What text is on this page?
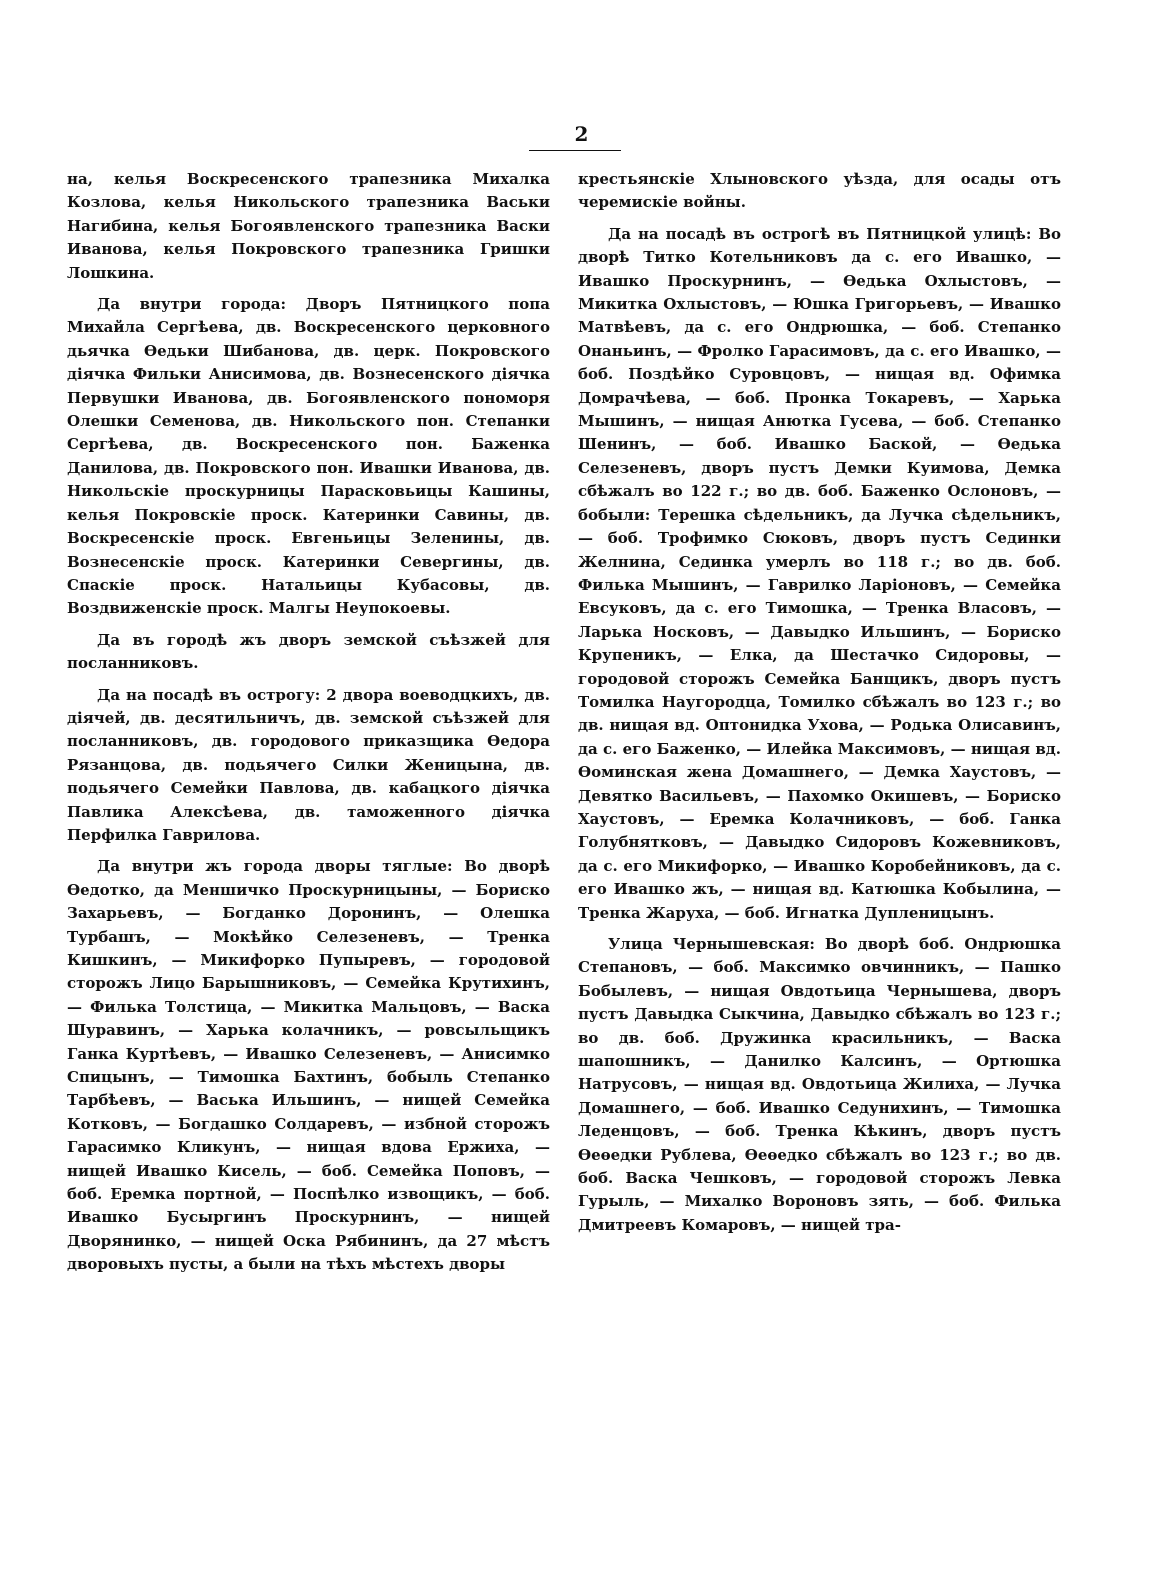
2

на, келья Воскресенского трапезника Михалка Козлова, келья Никольского трапезника Васьки Нагибина, келья Богоявленского трапезника Васки Иванова, келья Покровского трапезника Гришки Лошкина.

Да внутри города: Дворъ Пятницкого попа Михайла Сергѣева, дв. Воскресенского церковного дьячка Өедьки Шибанова, дв. церк. Покровского дiячка Фильки Анисимова, дв. Вознесенского дiячка Первушки Иванова, дв. Богоявленского пономоря Олешки Семенова, дв. Никольского пон. Степанки Сергѣева, дв. Воскресенского пон. Баженка Данилова, дв. Покровского пон. Ивашки Иванова, дв. Никольскiе проскурницы Парасковьицы Кашины, келья Покровскiе проск. Катеринки Савины, дв. Воскресенскiе проск. Евгеньицы Зеленины, дв. Вознесенскiе проск. Катеринки Севергины, дв. Спаскiе проск. Натальицы Кубасовы, дв. Воздвиженскiе проск. Малгы Неупокоевы.

Да въ городѣ жъ дворъ земской съѣзжей для посланниковъ.

Да на посадѣ въ острогу: 2 двора воеводцкихъ, дв. дiячей, дв. десятильничъ, дв. земской съѣзжей для посланниковъ, дв. городового приказщика Өедора Рязанцова, дв. подьячего Силки Женицына, дв. подьячего Семейки Павлова, дв. кабацкого дiячка Павлика Алексѣева, дв. таможенного дiячка Перфилка Гаврилова.

Да внутри жъ города дворы тяглые: Во дворѣ Өедотко, да Меншичко Проскурницыны, — Бориско Захарьевъ, — Богданко Доронинъ, — Олешка Турбашъ, — Мокѣйко Селезеневъ, — Тренка Кишкинъ, — Микифорко Пупыревъ, — городовой сторожъ Лицо Барышниковъ, — Семейка Крутихинъ, — Филька Толстица, — Микитка Мальцовъ, — Васка Шуравинъ, — Харька колачникъ, — ровсыльщикъ Ганка Куртѣевъ, — Ивашко Селезеневъ, — Анисимко Спицынъ, — Тимошка Бахтинъ, бобыль Степанко Тарбѣевъ, — Васька Ильшинъ, — нищей Семейка Котковъ, — Богдашко Солдаревъ, — избной сторожъ Гарасимко Кликунъ, — нищая вдова Ержиха, — нищей Ивашко Кисель, — боб. Семейка Поповъ, — боб. Еремка портной, — Поспѣлко извощикъ, — боб. Ивашко Бусыргинъ Проскурнинъ, — нищей Дворянинко, — нищей Оска Рябининъ, да 27 мѣстъ дворовыхъ пусты, а были на тѣхъ мѣстехъ дворы

крестьянскiе Хлыновского уѣзда, для осады отъ черемискiе войны.

Да на посадѣ въ острогѣ въ Пятницкой улицѣ: Во дворѣ Титко Котельниковъ да с. его Ивашко, — Ивашко Проскурнинъ, — Өедька Охлыстовъ, — Микитка Охлыстовъ, — Юшка Григорьевъ, — Ивашко Матвѣевъ, да с. его Ондрюшка, — боб. Степанко Онаньинъ, — Фролко Гарасимовъ, да с. его Ивашко, — боб. Поздѣйко Суровцовъ, — нищая вд. Офимка Домрачѣева, — боб. Пронка Токаревъ, — Харька Мышинъ, — нищая Анютка Гусева, — боб. Степанко Шенинъ, — боб. Ивашко Баской, — Өедька Селезеневъ, дворъ пустъ Демки Куимова, Демка сбѣжалъ во 122 г.; во дв. боб. Баженко Ослоновъ, — бобыли: Терешка сѣдельникъ, да Лучка сѣдельникъ, — боб. Трофимко Сюковъ, дворъ пустъ Сединки Желнина, Сединка умерлъ во 118 г.; во дв. боб. Филька Мышинъ, — Гаврилко Ларiоновъ, — Семейка Евсуковъ, да с. его Тимошка, — Тренка Власовъ, — Ларька Носковъ, — Давыдко Ильшинъ, — Бориско Крупеникъ, — Елка, да Шестачко Сидоровы, — городовой сторожъ Семейка Банщикъ, дворъ пустъ Томилка Наугородца, Томилко сбѣжалъ во 123 г.; во дв. нищая вд. Оптонидка Ухова, — Родька Олисавинъ, да с. его Баженко, — Илейка Максимовъ, — нищая вд. Өоминская жена Домашнего, — Демка Хаустовъ, — Девятко Васильевъ, — Пахомко Окишевъ, — Бориско Хаустовъ, — Еремка Колачниковъ, — боб. Ганка Голубнятковъ, — Давыдко Сидоровъ Кожевниковъ, да с. его Микифорко, — Ивашко Коробейниковъ, да с. его Ивашко жъ, — нищая вд. Катюшка Кобылина, — Тренка Жаруха, — боб. Игнатка Дупленицынъ.

Улица Чернышевская: Во дворѣ боб. Ондрюшка Степановъ, — боб. Максимко овчинникъ, — Пашко Бобылевъ, — нищая Овдотьица Чернышева, дворъ пустъ Давыдка Сыкчина, Давыдко сбѣжалъ во 123 г.; во дв. боб. Дружинка красильникъ, — Васка шапошникъ, — Данилко Калсинъ, — Ортюшка Натрусовъ, — нищая вд. Овдотьица Жилиха, — Лучка Домашнего, — боб. Ивашко Седунихинъ, — Тимошка Леденцовъ, — боб. Тренка Кѣкинъ, дворъ пустъ Өеөедки Рублева, Өеөедко сбѣжалъ во 123 г.; во дв. боб. Васка Чешковъ, — городовой сторожъ Левка Гурыль, — Михалко Вороновъ зять, — боб. Филька Дмитреевъ Комаровъ, — нищей тра-
